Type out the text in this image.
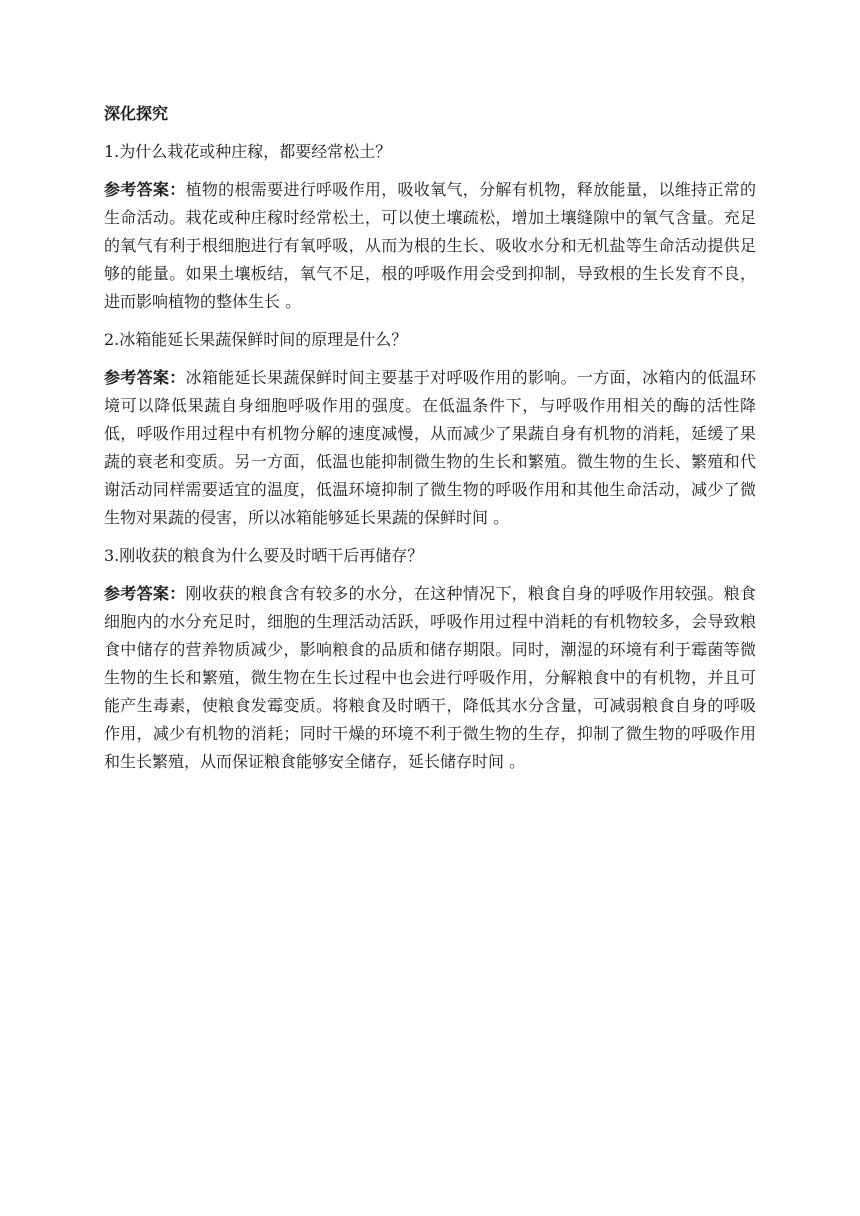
深化探究
1.为什么栽花或种庄稼，都要经常松土？
参考答案：植物的根需要进行呼吸作用，吸收氧气，分解有机物，释放能量，以维持正常的生命活动。栽花或种庄稼时经常松土，可以使土壤疏松，增加土壤缝隙中的氧气含量。充足的氧气有利于根细胞进行有氧呼吸，从而为根的生长、吸收水分和无机盐等生命活动提供足够的能量。如果土壤板结，氧气不足，根的呼吸作用会受到抑制，导致根的生长发育不良，进而影响植物的整体生长 。
2.冰箱能延长果蔬保鲜时间的原理是什么？
参考答案：冰箱能延长果蔬保鲜时间主要基于对呼吸作用的影响。一方面，冰箱内的低温环境可以降低果蔬自身细胞呼吸作用的强度。在低温条件下，与呼吸作用相关的酶的活性降低，呼吸作用过程中有机物分解的速度减慢，从而减少了果蔬自身有机物的消耗，延缓了果蔬的衰老和变质。另一方面，低温也能抑制微生物的生长和繁殖。微生物的生长、繁殖和代谢活动同样需要适宜的温度，低温环境抑制了微生物的呼吸作用和其他生命活动，减少了微生物对果蔬的侵害，所以冰箱能够延长果蔬的保鲜时间 。
3.刚收获的粮食为什么要及时晒干后再储存？
参考答案：刚收获的粮食含有较多的水分，在这种情况下，粮食自身的呼吸作用较强。粮食细胞内的水分充足时，细胞的生理活动活跃，呼吸作用过程中消耗的有机物较多，会导致粮食中储存的营养物质减少，影响粮食的品质和储存期限。同时，潮湿的环境有利于霉菌等微生物的生长和繁殖，微生物在生长过程中也会进行呼吸作用，分解粮食中的有机物，并且可能产生毒素，使粮食发霉变质。将粮食及时晒干，降低其水分含量，可减弱粮食自身的呼吸作用，减少有机物的消耗；同时干燥的环境不利于微生物的生存，抑制了微生物的呼吸作用和生长繁殖，从而保证粮食能够安全储存，延长储存时间 。
